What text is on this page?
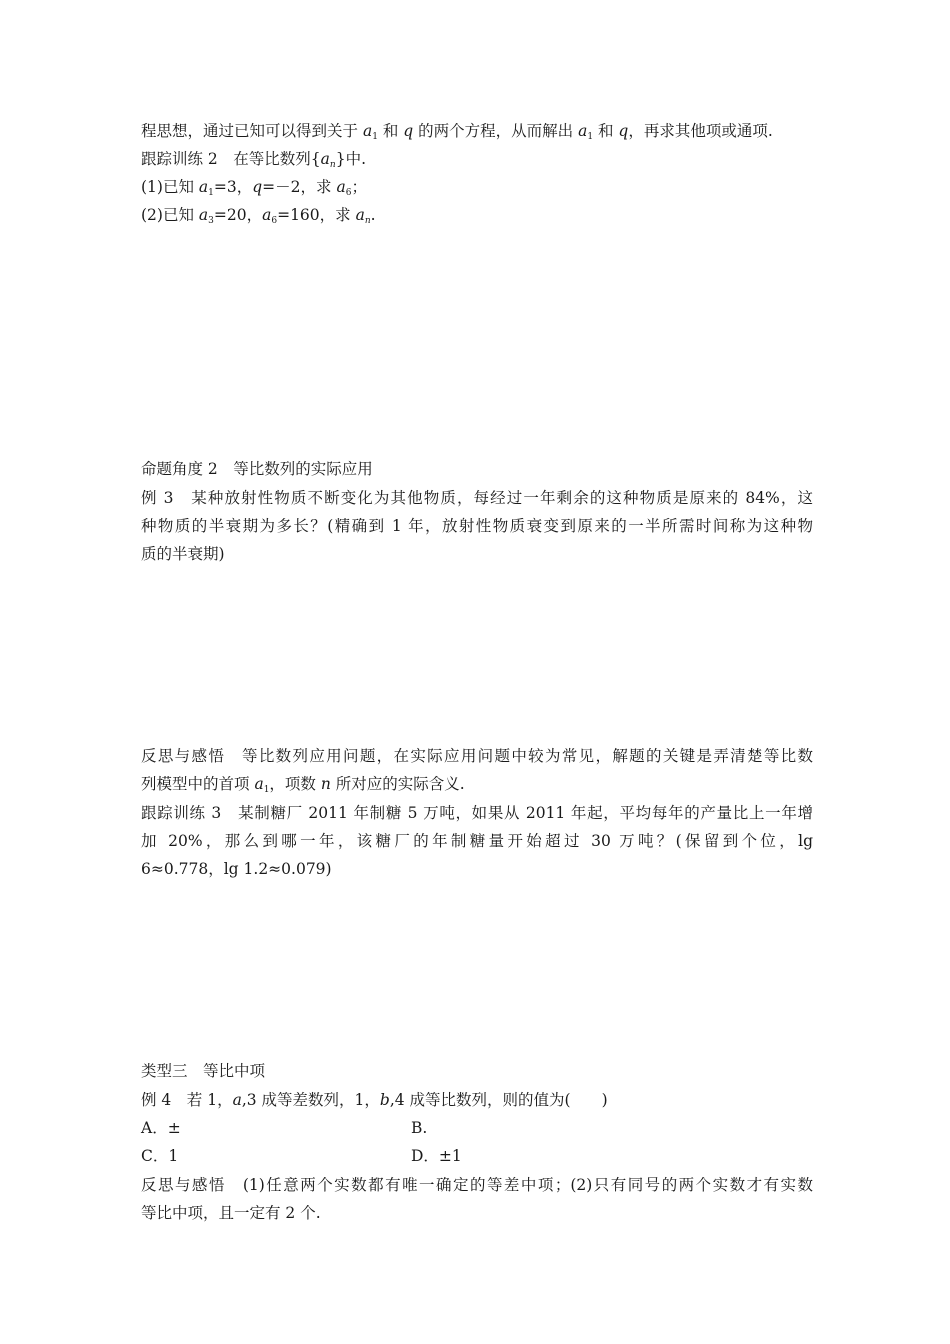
程思想，通过已知可以得到关于 $a_1$ 和 q 的两个方程，从而解出 $a_1$ 和 q，再求其他项或通项.
跟踪训练 2　在等比数列$\{a_n\}$中.
(1)已知 $a_1=3$，q=－2，求 $a_6$；
(2)已知 $a_3=20$，$a_6=160$，求 $a_n$.
命题角度 2　等比数列的实际应用
例 3　某种放射性物质不断变化为其他物质，每经过一年剩余的这种物质是原来的 84%，这
种物质的半衰期为多长？(精确到 1 年，放射性物质衰变到原来的一半所需时间称为这种物
质的半衰期)
反思与感悟　等比数列应用问题，在实际应用问题中较为常见，解题的关键是弄清楚等比数
列模型中的首项 $a_1$，项数 n 所对应的实际含义.
跟踪训练 3　某制糖厂 2011 年制糖 5 万吨，如果从 2011 年起，平均每年的产量比上一年增
加 20%，那么到哪一年，该糖厂的年制糖量开始超过 30 万吨？(保留到个位，lg
6≈0.778，lg 1.2≈0.079)
类型三　等比中项
例 4　若 1，a,3 成等差数列，1，b,4 成等比数列，则的值为(　　)
A．±	B.
C．1	D．±1
反思与感悟　(1)任意两个实数都有唯一确定的等差中项；(2)只有同号的两个实数才有实数
等比中项，且一定有 2 个.
